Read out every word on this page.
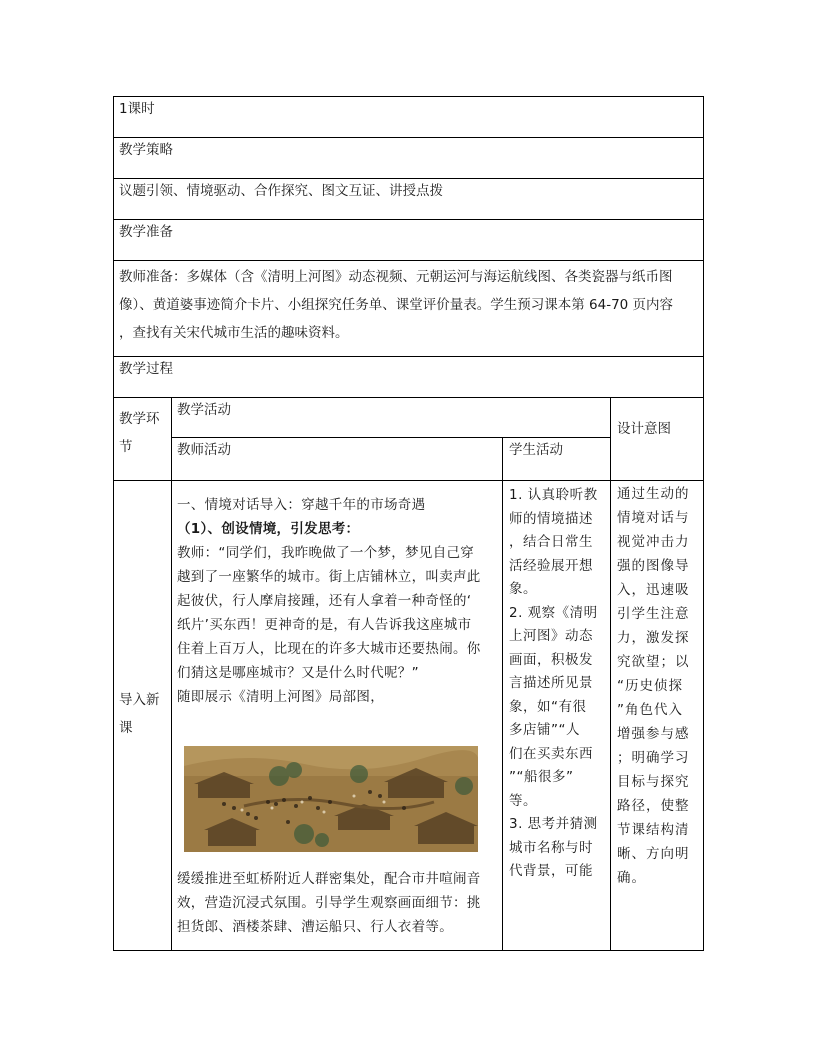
1课时
教学策略
议题引领、情境驱动、合作探究、图文互证、讲授点拨
教学准备
教师准备：多媒体（含《清明上河图》动态视频、元朝运河与海运航线图、各类瓷器与纸币图
像）、黄道婆事迹简介卡片、小组探究任务单、课堂评价量表。学生预习课本第 64-70 页内容
，查找有关宋代城市生活的趣味资料。
教学过程
教学环
节
教学活动
教师活动	学生活动
设计意图
导入新
课
一、情境对话导入：穿越千年的市场奇遇
（1）、创设情境，引发思考：
教师：“同学们，我昨晚做了一个梦，梦见自己穿
越到了一座繁华的城市。街上店铺林立，叫卖声此
起彼伏，行人摩肩接踵，还有人拿着一种奇怪的‘
纸片’买东西！更神奇的是，有人告诉我这座城市
住着上百万人，比现在的许多大城市还要热闹。你
们猜这是哪座城市？又是什么时代呢？”
随即展示《清明上河图》局部图，
缓缓推进至虹桥附近人群密集处，配合市井喧闹音
效，营造沉浸式氛围。引导学生观察画面细节：挑
担货郎、酒楼茶肆、漕运船只、行人衣着等。
1. 认真聆听教
师的情境描述
，结合日常生
活经验展开想
象。
2. 观察《清明
上河图》动态
画面，积极发
言描述所见景
象，如“有很
多店铺”“人
们在买卖东西
”“船很多”
等。
3. 思考并猜测
城市名称与时
代背景，可能
通过生动的
情境对话与
视觉冲击力
强的图像导
入，迅速吸
引学生注意
力，激发探
究欲望；以
“历史侦探
”角色代入
增强参与感
；明确学习
目标与探究
路径，使整
节课结构清
晰、方向明
确。
